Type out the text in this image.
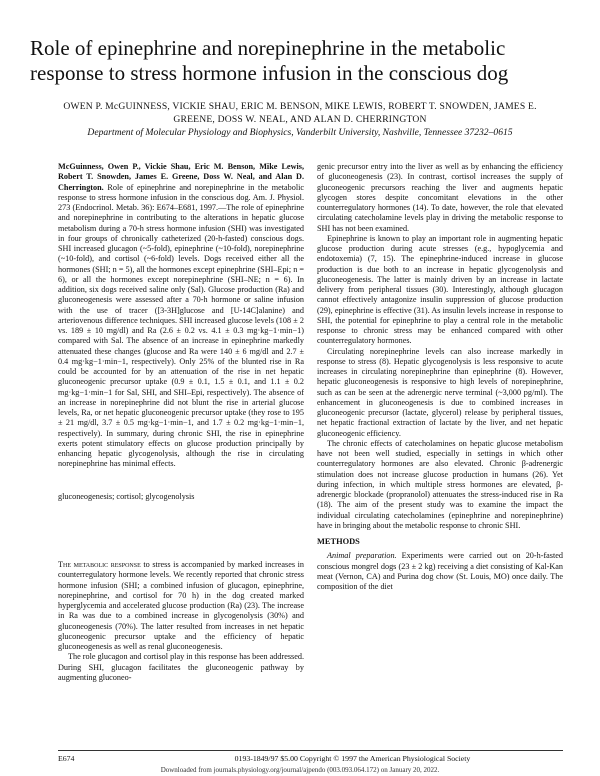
Role of epinephrine and norepinephrine in the metabolic response to stress hormone infusion in the conscious dog
OWEN P. McGUINNESS, VICKIE SHAU, ERIC M. BENSON, MIKE LEWIS, ROBERT T. SNOWDEN, JAMES E. GREENE, DOSS W. NEAL, AND ALAN D. CHERRINGTON
Department of Molecular Physiology and Biophysics, Vanderbilt University, Nashville, Tennessee 37232–0615

McGuinness, Owen P., Vickie Shau, Eric M. Benson, Mike Lewis, Robert T. Snowden, James E. Greene, Doss W. Neal, and Alan D. Cherrington. Role of epinephrine and norepinephrine in the metabolic response to stress hormone infusion in the conscious dog. Am. J. Physiol. 273 (Endocrinol. Metab. 36): E674–E681, 1997.—The role of epinephrine and norepinephrine in contributing to the alterations in hepatic glucose metabolism during a 70-h stress hormone infusion (SHI) was investigated in four groups of chronically catheterized (20-h-fasted) conscious dogs. SHI increased glucagon (~5-fold), epinephrine (~10-fold), norepinephrine (~10-fold), and cortisol (~6-fold) levels. Dogs received either all the hormones (SHI; n = 5), all the hormones except epinephrine (SHI–Epi; n = 6), or all the hormones except norepinephrine (SHI–NE; n = 6). In addition, six dogs received saline only (Sal). Glucose production (Ra) and gluconeogenesis were assessed after a 70-h hormone or saline infusion with the use of tracer ([3-3H]glucose and [U-14C]alanine) and arteriovenous difference techniques. SHI increased glucose levels (108 ± 2 vs. 189 ± 10 mg/dl) and Ra (2.6 ± 0.2 vs. 4.1 ± 0.3 mg·kg−1·min−1) compared with Sal. The absence of an increase in epinephrine markedly attenuated these changes (glucose and Ra were 140 ± 6 mg/dl and 2.7 ± 0.4 mg·kg−1·min−1, respectively). Only 25% of the blunted rise in Ra could be accounted for by an attenuation of the rise in net hepatic gluconeogenic precursor uptake (0.9 ± 0.1, 1.5 ± 0.1, and 1.1 ± 0.2 mg·kg−1·min−1 for Sal, SHI, and SHI–Epi, respectively). The absence of an increase in norepinephrine did not blunt the rise in arterial glucose levels, Ra, or net hepatic gluconeogenic precursor uptake (they rose to 195 ± 21 mg/dl, 3.7 ± 0.5 mg·kg−1·min−1, and 1.7 ± 0.2 mg·kg−1·min−1, respectively). In summary, during chronic SHI, the rise in epinephrine exerts potent stimulatory effects on glucose production principally by enhancing hepatic glycogenolysis, although the rise in circulating norepinephrine has minimal effects.

gluconeogenesis; cortisol; glycogenolysis

The metabolic response to stress is accompanied by marked increases in counterregulatory hormone levels. We recently reported that chronic stress hormone infusion (SHI; a combined infusion of glucagon, epinephrine, norepinephrine, and cortisol for 70 h) in the dog created marked hyperglycemia and accelerated glucose production (Ra) (23). The increase in Ra was due to a combined increase in glycogenolysis (30%) and gluconeogenesis (70%). The latter resulted from increases in net hepatic gluconeogenic precursor uptake and the efficiency of hepatic gluconeogenesis as well as renal gluconeogenesis.

The role glucagon and cortisol play in this response has been addressed. During SHI, glucagon facilitates the gluconeogenic pathway by augmenting gluconeo-

genic precursor entry into the liver as well as by enhancing the efficiency of gluconeogenesis (23). In contrast, cortisol increases the supply of gluconeogenic precursors reaching the liver and augments hepatic glycogen stores despite concomitant elevations in the other counterregulatory hormones (14). To date, however, the role that elevated circulating catecholamine levels play in driving the metabolic response to SHI has not been examined.

Epinephrine is known to play an important role in augmenting hepatic glucose production during acute stresses (e.g., hypoglycemia and endotoxemia) (7, 15). The epinephrine-induced increase in glucose production is due both to an increase in hepatic glycogenolysis and gluconeogenesis. The latter is mainly driven by an increase in lactate delivery from peripheral tissues (30). Interestingly, although glucagon cannot effectively antagonize insulin suppression of glucose production (29), epinephrine is effective (31). As insulin levels increase in response to SHI, the potential for epinephrine to play a central role in the metabolic response to chronic stress may be enhanced compared with other counterregulatory hormones.

Circulating norepinephrine levels can also increase markedly in response to stress (8). Hepatic glycogenolysis is less responsive to acute increases in circulating norepinephrine than epinephrine (8). However, hepatic gluconeogenesis is responsive to high levels of norepinephrine, such as can be seen at the adrenergic nerve terminal (~3,000 pg/ml). The enhancement in gluconeogenesis is due to combined increases in gluconeogenic precursor (lactate, glycerol) release by peripheral tissues, net hepatic fractional extraction of lactate by the liver, and net hepatic gluconeogenic efficiency.

The chronic effects of catecholamines on hepatic glucose metabolism have not been well studied, especially in settings in which other counterregulatory hormones are also elevated. Chronic β-adrenergic stimulation does not increase glucose production in humans (26). Yet during infection, in which multiple stress hormones are elevated, β-adrenergic blockade (propranolol) attenuates the stress-induced rise in Ra (18). The aim of the present study was to examine the impact the individual circulating catecholamines (epinephrine and norepinephrine) have in bringing about the metabolic response to chronic SHI.

METHODS

Animal preparation. Experiments were carried out on 20-h-fasted conscious mongrel dogs (23 ± 2 kg) receiving a diet consisting of Kal-Kan meat (Vernon, CA) and Purina dog chow (St. Louis, MO) once daily. The composition of the diet

E674	0193-1849/97 $5.00 Copyright © 1997 the American Physiological Society
Downloaded from journals.physiology.org/journal/ajpendo (003.093.064.172) on January 20, 2022.
